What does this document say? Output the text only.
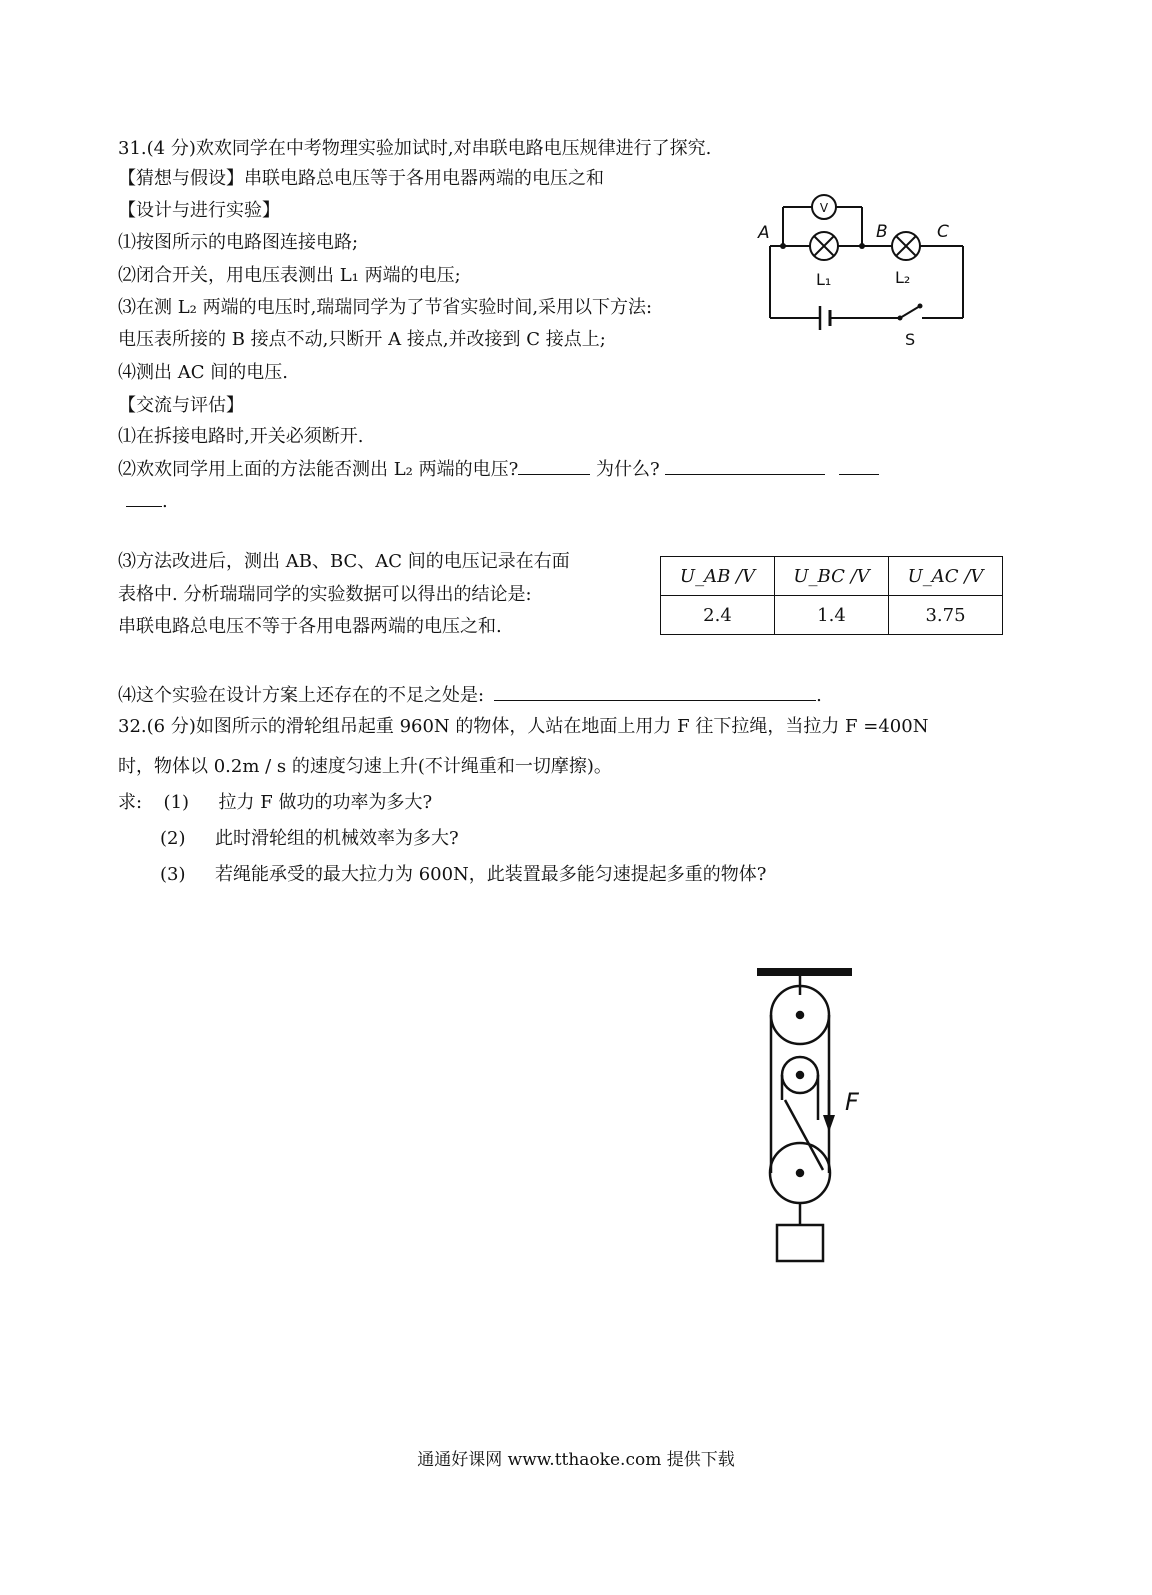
31.(4 分)欢欢同学在中考物理实验加试时,对串联电路电压规律进行了探究.
【猜想与假设】串联电路总电压等于各用电器两端的电压之和
【设计与进行实验】
⑴按图所示的电路图连接电路;
⑵闭合开关，用电压表测出 L₁ 两端的电压;
⑶在测 L₂ 两端的电压时,瑞瑞同学为了节省实验时间,采用以下方法:
电压表所接的 B 接点不动,只断开 A 接点,并改接到 C 接点上;
⑷测出 AC 间的电压.
【交流与评估】
⑴在拆接电路时,开关必须断开.
⑵欢欢同学用上面的方法能否测出 L₂ 两端的电压?	为什么?
.
⑶方法改进后，测出 AB、BC、AC 间的电压记录在右面
表格中. 分析瑞瑞同学的实验数据可以得出的结论是:
串联电路总电压不等于各用电器两端的电压之和.
U_AB /V	U_BC /V	U_AC /V
2.4	1.4	3.75
⑷这个实验在设计方案上还存在的不足之处是:	.
32.(6 分)如图所示的滑轮组吊起重 960N 的物体，人站在地面上用力 F 往下拉绳，当拉力 F =400N
时，物体以 0.2m / s 的速度匀速上升(不计绳重和一切摩擦)。
求: (1) 拉力 F 做功的功率为多大?
(2) 此时滑轮组的机械效率为多大?
(3) 若绳能承受的最大拉力为 600N，此装置最多能匀速提起多重的物体?
V
A	B	C
L₁	L₂
S
F
通通好课网 www.tthaoke.com 提供下载
